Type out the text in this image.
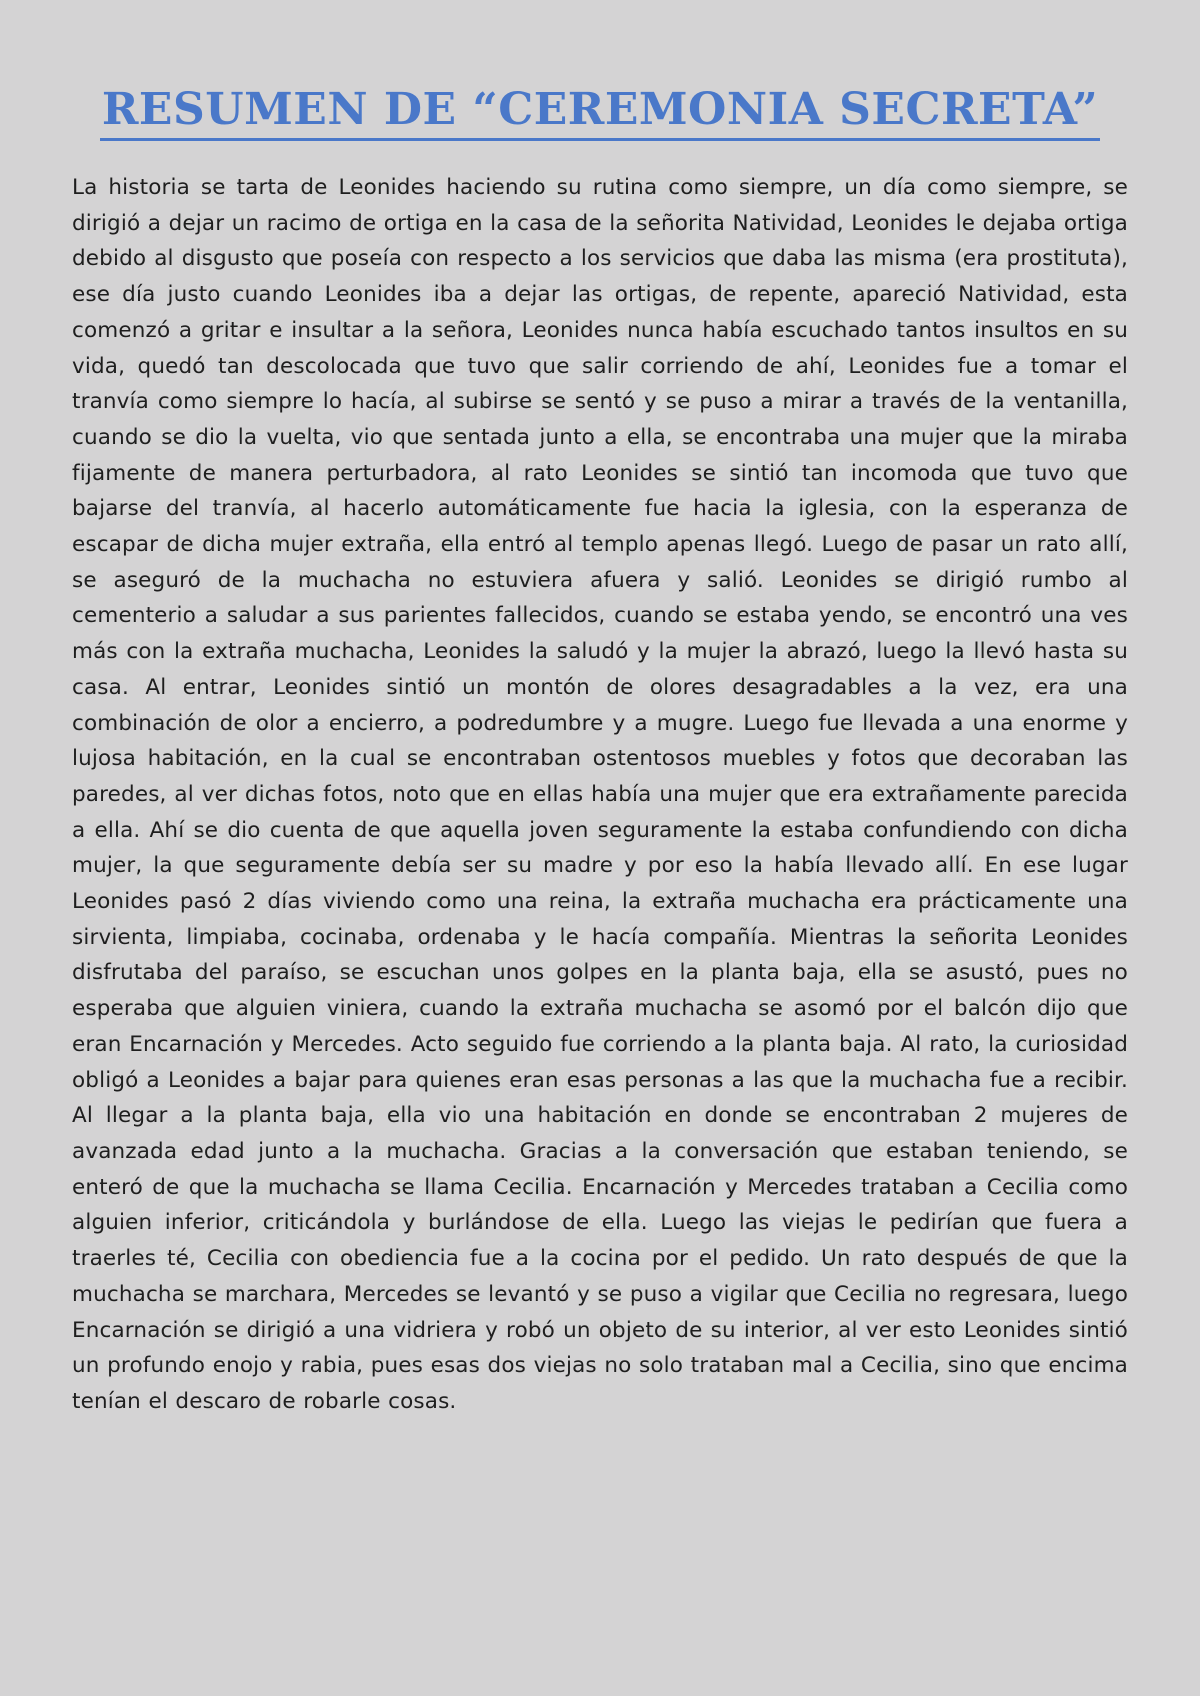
RESUMEN DE “CEREMONIA SECRETA”

La historia se tarta de Leonides haciendo su rutina como siempre, un día como siempre, se dirigió a dejar un racimo de ortiga en la casa de la señorita Natividad, Leonides le dejaba ortiga debido al disgusto que poseía con respecto a los servicios que daba las misma (era prostituta), ese día justo cuando Leonides iba a dejar las ortigas, de repente, apareció Natividad, esta comenzó a gritar e insultar a la señora, Leonides nunca había escuchado tantos insultos en su vida, quedó tan descolocada que tuvo que salir corriendo de ahí, Leonides fue a tomar el tranvía como siempre lo hacía, al subirse se sentó y se puso a mirar a través de la ventanilla, cuando se dio la vuelta, vio que sentada junto a ella, se encontraba una mujer que la miraba fijamente de manera perturbadora, al rato Leonides se sintió tan incomoda que tuvo que bajarse del tranvía, al hacerlo automáticamente fue hacia la iglesia, con la esperanza de escapar de dicha mujer extraña, ella entró al templo apenas llegó. Luego de pasar un rato allí, se aseguró de la muchacha no estuviera afuera y salió. Leonides se dirigió rumbo al cementerio a saludar a sus parientes fallecidos, cuando se estaba yendo, se encontró una ves más con la extraña muchacha, Leonides la saludó y la mujer la abrazó, luego la llevó hasta su casa. Al entrar, Leonides sintió un montón de olores desagradables a la vez, era una combinación de olor a encierro, a podredumbre y a mugre. Luego fue llevada a una enorme y lujosa habitación, en la cual se encontraban ostentosos muebles y fotos que decoraban las paredes, al ver dichas fotos, noto que en ellas había una mujer que era extrañamente parecida a ella. Ahí se dio cuenta de que aquella joven seguramente la estaba confundiendo con dicha mujer, la que seguramente debía ser su madre y por eso la había llevado allí. En ese lugar Leonides pasó 2 días viviendo como una reina, la extraña muchacha era prácticamente una sirvienta, limpiaba, cocinaba, ordenaba y le hacía compañía. Mientras la señorita Leonides disfrutaba del paraíso, se escuchan unos golpes en la planta baja, ella se asustó, pues no esperaba que alguien viniera, cuando la extraña muchacha se asomó por el balcón dijo que eran Encarnación y Mercedes. Acto seguido fue corriendo a la planta baja. Al rato, la curiosidad obligó a Leonides a bajar para quienes eran esas personas a las que la muchacha fue a recibir. Al llegar a la planta baja, ella vio una habitación en donde se encontraban 2 mujeres de avanzada edad junto a la muchacha. Gracias a la conversación que estaban teniendo, se enteró de que la muchacha se llama Cecilia. Encarnación y Mercedes trataban a Cecilia como alguien inferior, criticándola y burlándose de ella. Luego las viejas le pedirían que fuera a traerles té, Cecilia con obediencia fue a la cocina por el pedido. Un rato después de que la muchacha se marchara, Mercedes se levantó y se puso a vigilar que Cecilia no regresara, luego Encarnación se dirigió a una vidriera y robó un objeto de su interior, al ver esto Leonides sintió un profundo enojo y rabia, pues esas dos viejas no solo trataban mal a Cecilia, sino que encima tenían el descaro de robarle cosas.
